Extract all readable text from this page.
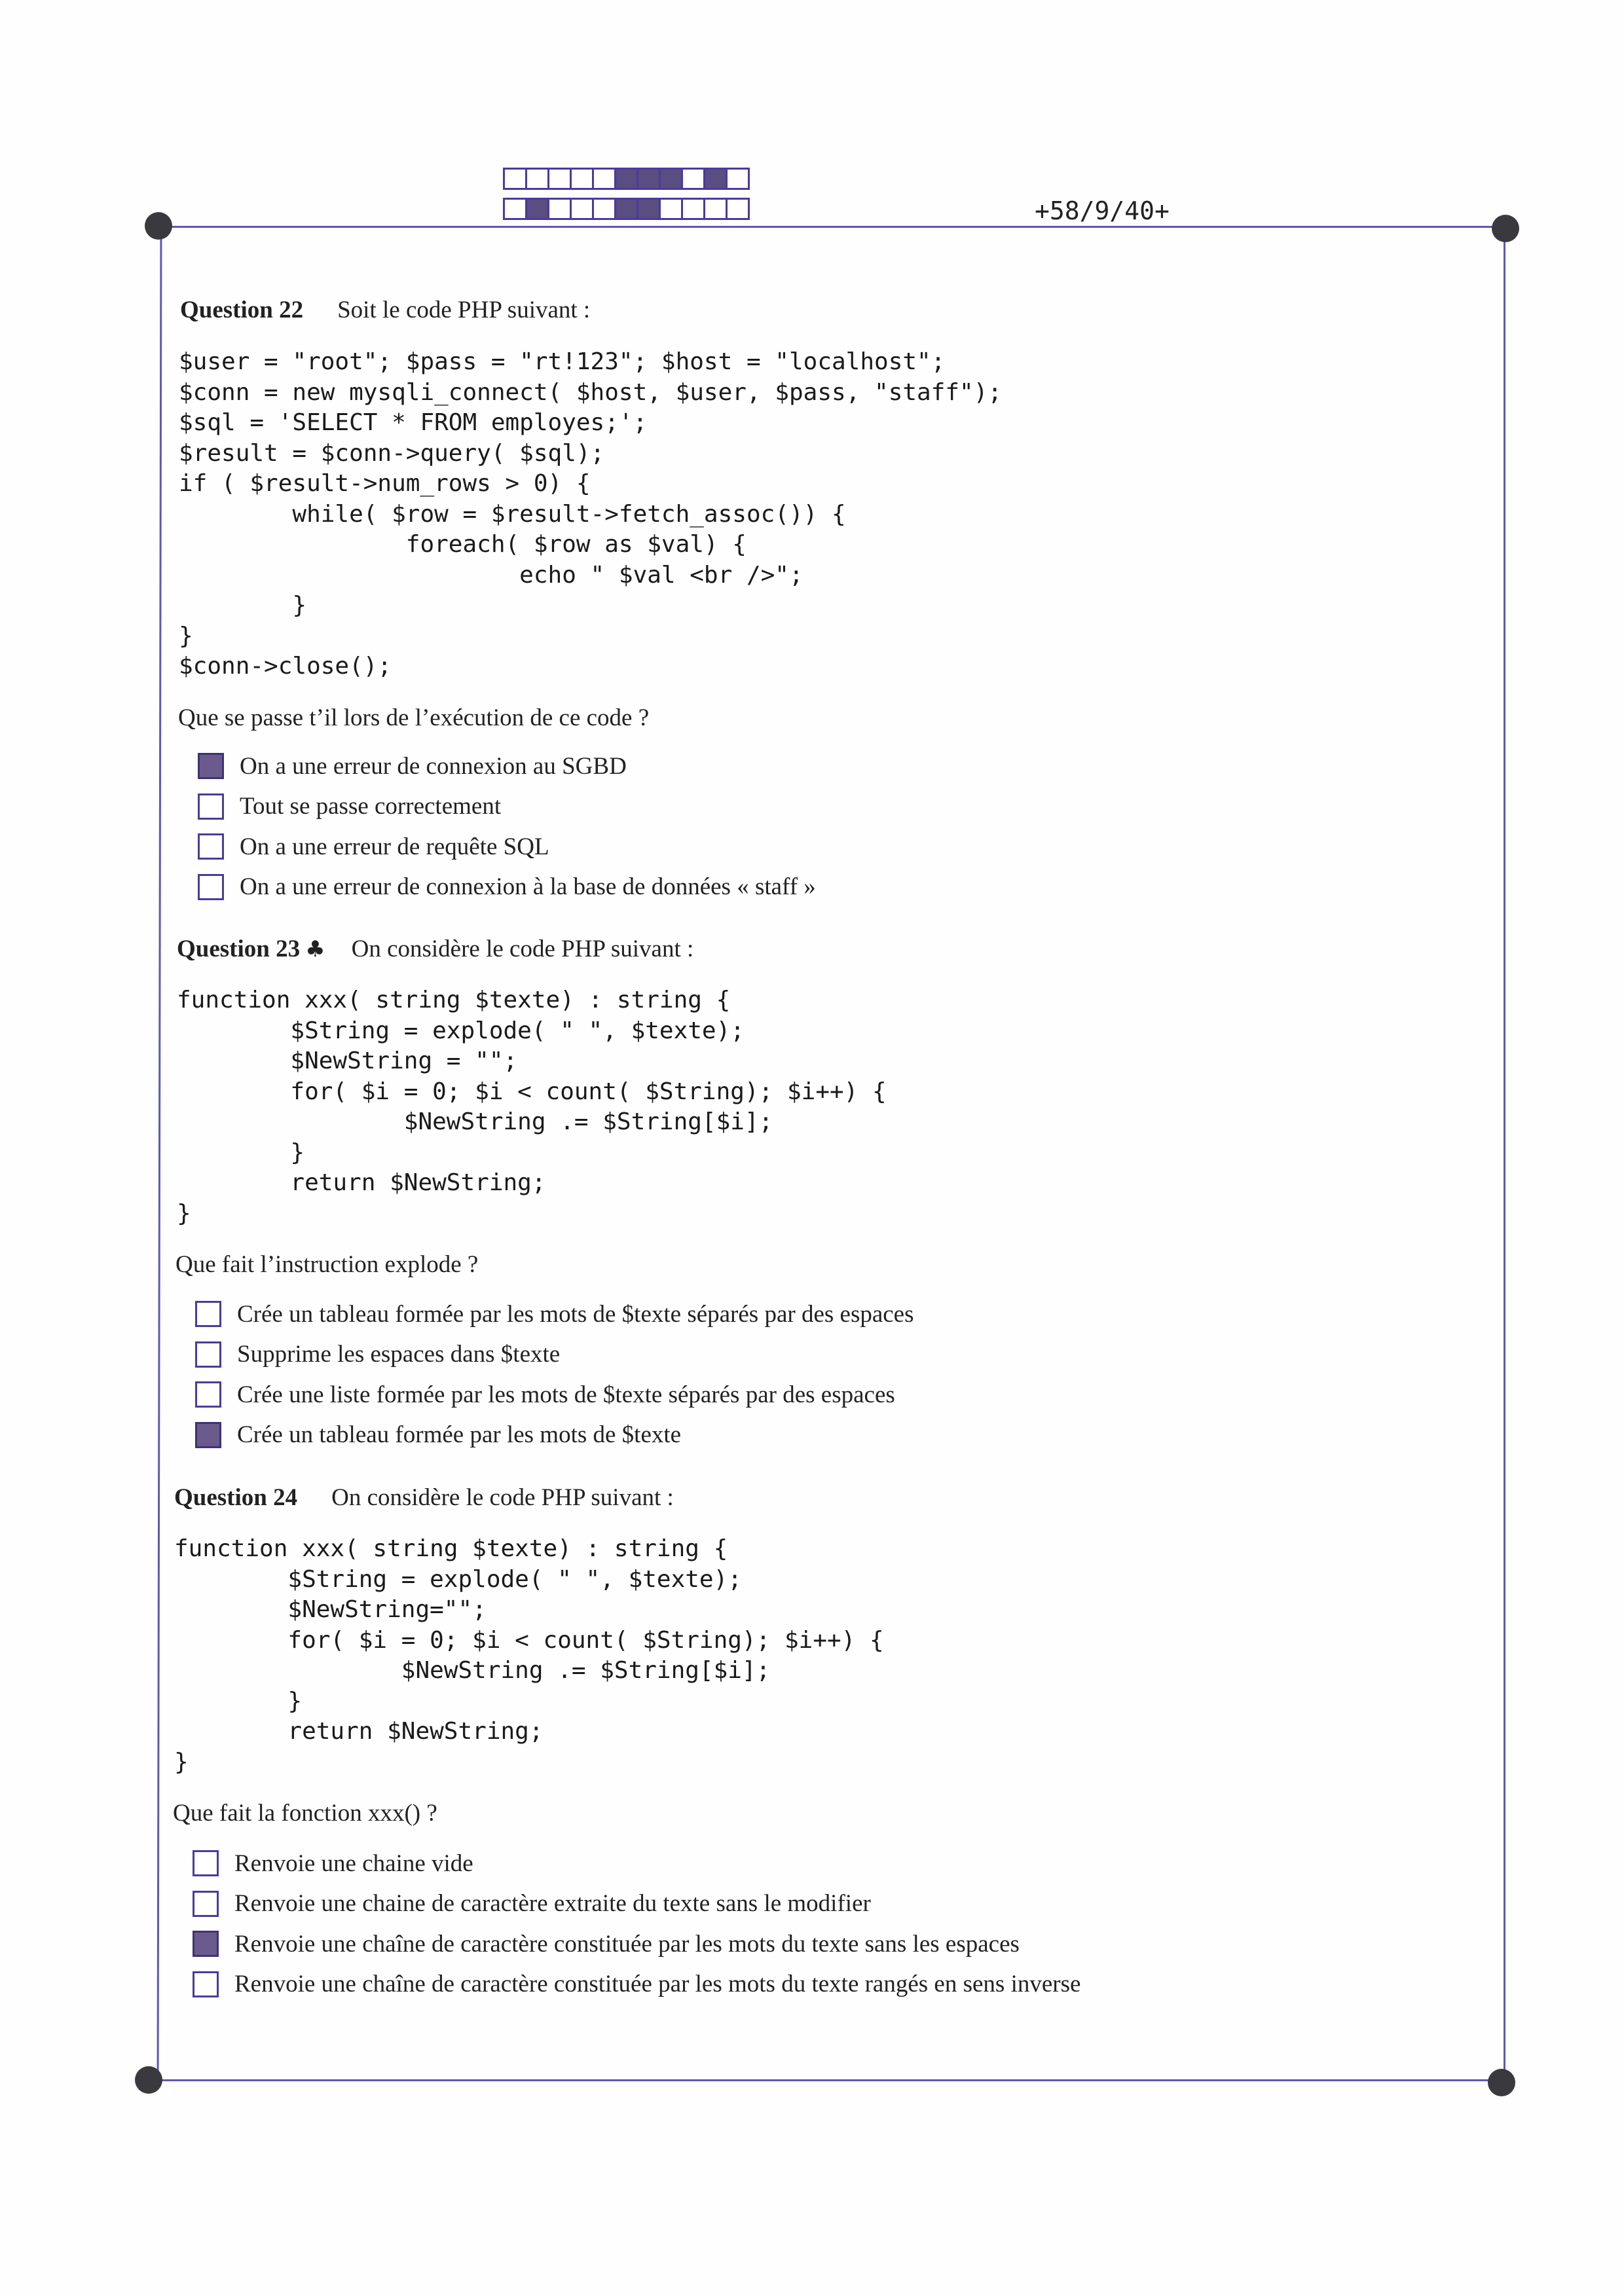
+58/9/40+
Question 22 Soit le code PHP suivant :
$user = "root"; $pass = "rt!123"; $host = "localhost";
$conn = new mysqli_connect( $host, $user, $pass, "staff");
$sql = 'SELECT * FROM employes;';
$result = $conn->query( $sql);
if ( $result->num_rows > 0) {
while( $row = $result->fetch_assoc()) {
foreach( $row as $val) {
echo " $val <br />";
}
}
$conn->close();
Que se passe t’il lors de l’exécution de ce code ?
On a une erreur de connexion au SGBD
Tout se passe correctement
On a une erreur de requête SQL
On a une erreur de connexion à la base de données « staff »
Question 23 ♣ On considère le code PHP suivant :
function xxx( string $texte) : string {
$String = explode( " ", $texte);
$NewString = "";
for( $i = 0; $i < count( $String); $i++) {
$NewString .= $String[$i];
}
return $NewString;
}
Que fait l’instruction explode ?
Crée un tableau formée par les mots de $texte séparés par des espaces
Supprime les espaces dans $texte
Crée une liste formée par les mots de $texte séparés par des espaces
Crée un tableau formée par les mots de $texte
Question 24 On considère le code PHP suivant :
function xxx( string $texte) : string {
$String = explode( " ", $texte);
$NewString="";
for( $i = 0; $i < count( $String); $i++) {
$NewString .= $String[$i];
}
return $NewString;
}
Que fait la fonction xxx() ?
Renvoie une chaine vide
Renvoie une chaine de caractère extraite du texte sans le modifier
Renvoie une chaîne de caractère constituée par les mots du texte sans les espaces
Renvoie une chaîne de caractère constituée par les mots du texte rangés en sens inverse
